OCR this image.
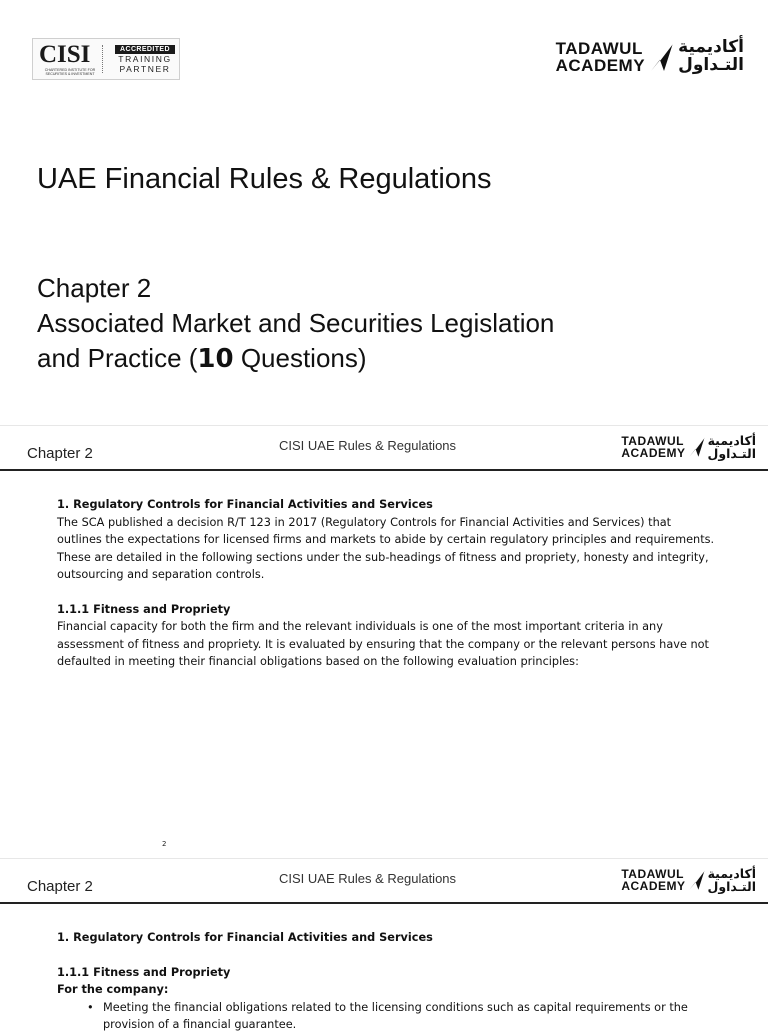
CISI
CHARTERED INSTITUTE FOR SECURITIES & INVESTMENT
ACCREDITED
TRAINING
PARTNER
TADAWUL
ACADEMY
أكاديمية
التـداول
UAE Financial Rules & Regulations
Chapter 2
Associated Market and Securities Legislation
and Practice (10 Questions)
Chapter 2	CISI UAE Rules & Regulations	TADAWUL
ACADEMY
أكاديمية
التـداول

1. Regulatory Controls for Financial Activities and Services

The SCA published a decision R/T 123 in 2017 (Regulatory Controls for Financial Activities and Services) that outlines the expectations for licensed firms and markets to abide by certain regulatory principles and requirements. These are detailed in the following sections under the sub-headings of fitness and propriety, honesty and integrity, outsourcing and separation controls.

1.1.1 Fitness and Propriety

Financial capacity for both the firm and the relevant individuals is one of the most important criteria in any assessment of fitness and propriety. It is evaluated by ensuring that the company or the relevant persons have not defaulted in meeting their financial obligations based on the following evaluation principles:

2
Chapter 2	CISI UAE Rules & Regulations	TADAWUL
ACADEMY
أكاديمية
التـداول

1. Regulatory Controls for Financial Activities and Services

1.1.1 Fitness and Propriety

For the company:

• Meeting the financial obligations related to the licensing conditions such as capital requirements or the provision of a financial guarantee.
